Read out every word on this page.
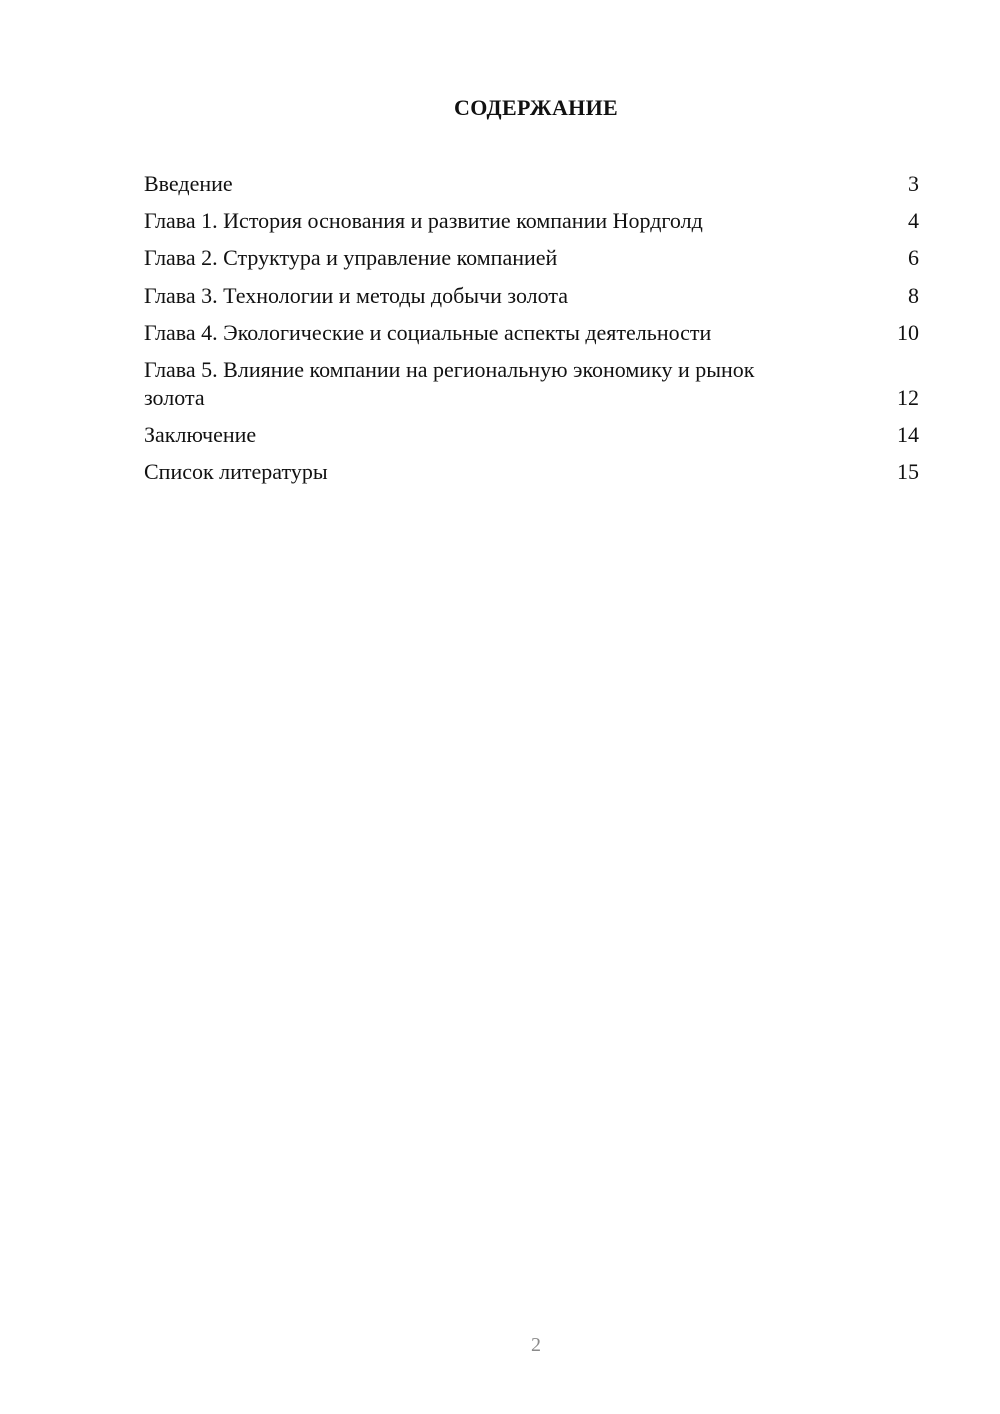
СОДЕРЖАНИЕ
Введение	3
Глава 1. История основания и развитие компании Нордголд	4
Глава 2. Структура и управление компанией	6
Глава 3. Технологии и методы добычи золота	8
Глава 4. Экологические и социальные аспекты деятельности	10
Глава 5. Влияние компании на региональную экономику и рынок золота	12
Заключение	14
Список литературы	15
2
